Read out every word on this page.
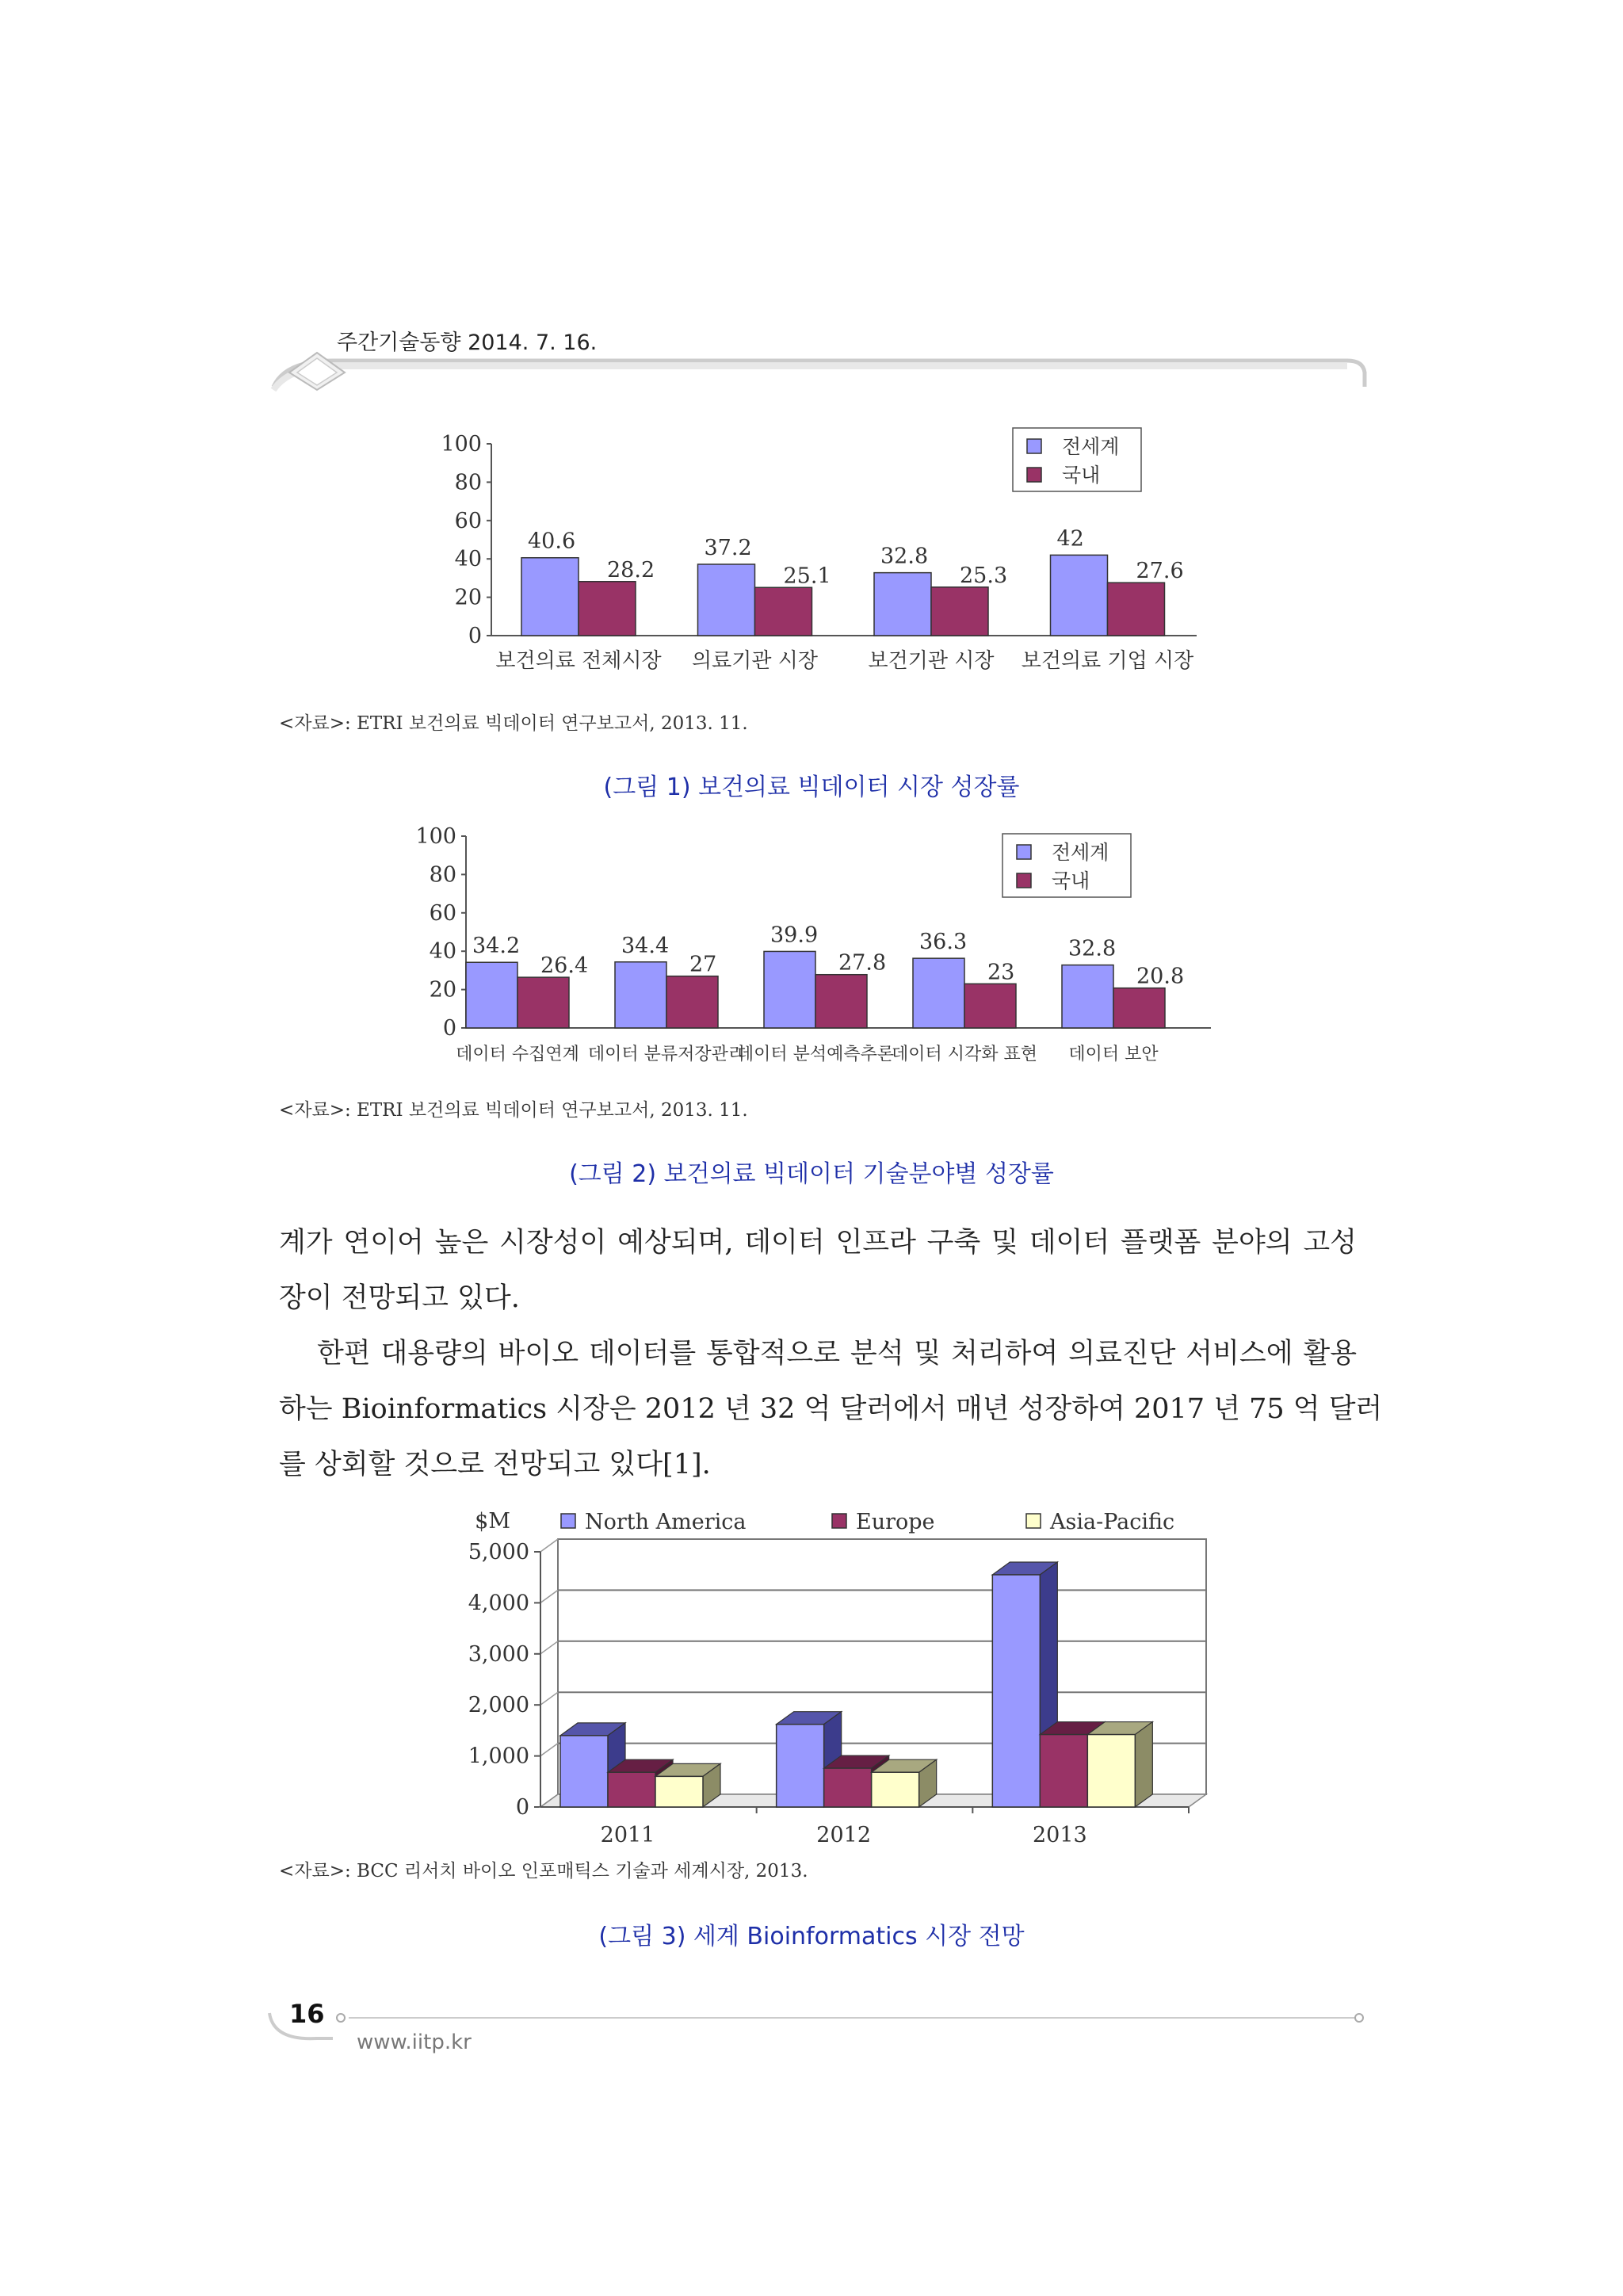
주간기술동향 2014. 7. 16.
0
20
40
60
80
100
40.6
28.2
보건의료 전체시장
37.2
25.1
의료기관 시장
32.8
25.3
보건기관 시장
42
27.6
보건의료 기업 시장
전세계
국내
<자료>: ETRI 보건의료 빅데이터 연구보고서, 2013. 11.
(그림 1) 보건의료 빅데이터 시장 성장률
0
20
40
60
80
100
34.2
26.4
데이터 수집연계
34.4
27
데이터 분류저장관리
39.9
27.8
데이터 분석예측추론
36.3
23
데이터 시각화 표현
32.8
20.8
데이터 보안
전세계
국내
<자료>: ETRI 보건의료 빅데이터 연구보고서, 2013. 11.
(그림 2) 보건의료 빅데이터 기술분야별 성장률
계가 연이어 높은 시장성이 예상되며, 데이터 인프라 구축 및 데이터 플랫폼 분야의 고성
장이 전망되고 있다.
한편 대용량의 바이오 데이터를 통합적으로 분석 및 처리하여 의료진단 서비스에 활용
하는 Bioinformatics 시장은 2012 년 32 억 달러에서 매년 성장하여 2017 년 75 억 달러
를 상회할 것으로 전망되고 있다[1].
0
1,000
2,000
3,000
4,000
5,000
$M
2011	2012	2013
North America	Europe	Asia-Pacific
<자료>: BCC 리서치 바이오 인포매틱스 기술과 세계시장, 2013.
(그림 3) 세계 Bioinformatics 시장 전망
16
www.iitp.kr
